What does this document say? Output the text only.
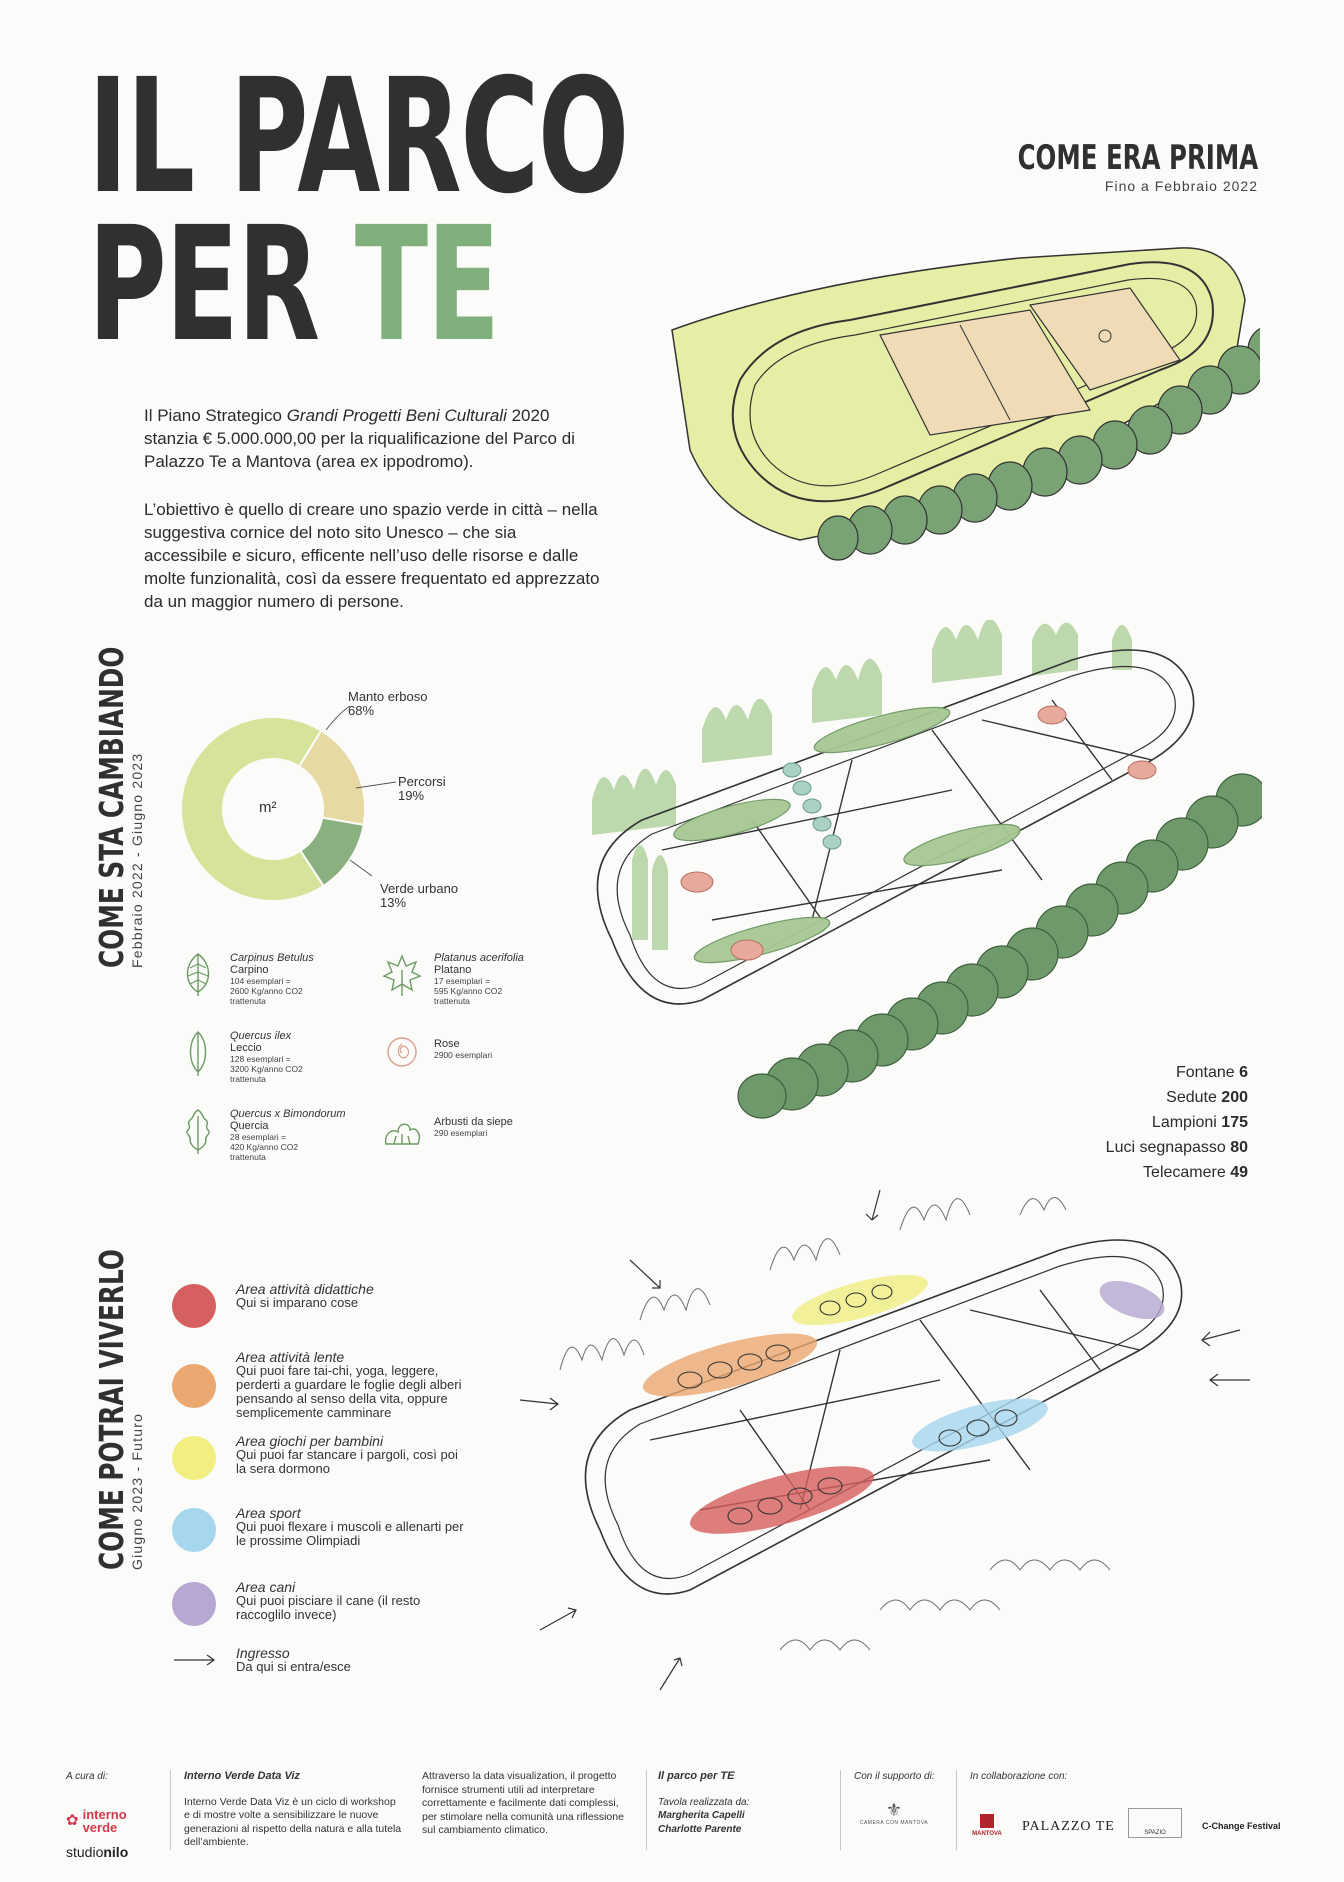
IL PARCO
PER TE
Il Piano Strategico Grandi Progetti Beni Culturali 2020 stanzia € 5.000.000,00 per la riqualificazione del Parco di Palazzo Te a Mantova (area ex ippodromo).
L’obiettivo è quello di creare uno spazio verde in città – nella suggestiva cornice del noto sito Unesco – che sia accessibile e sicuro, efficente nell’uso delle risorse e dalle molte funzionalità, così da essere frequentato ed apprezzato da un maggior numero di persone.
COME ERA PRIMA
Fino a Febbraio 2022
COME STA CAMBIANDO
Febbraio 2022 - Giugno 2023	m²
Manto erboso
68%
Percorsi
19%
Verde urbano
13%
Carpinus Betulus
Carpino
104 esemplari =
2600 Kg/anno CO2
trattenuta
Platanus acerifolia
Platano
17 esemplari =
595 Kg/anno CO2
trattenuta
Quercus ilex
Leccio
128 esemplari =
3200 Kg/anno CO2
trattenuta
Rose
2900 esemplari
Quercus x Bimondorum
Quercia
28 esemplari =
420 Kg/anno CO2
trattenuta
Arbusti da siepe
290 esemplari
Fontane 6
Sedute 200
Lampioni 175
Luci segnapasso 80
Telecamere 49
COME POTRAI VIVERLO
Giugno 2023 - Futuro
Area attività didattiche
Qui si imparano cose
Area attività lente
Qui puoi fare tai-chi, yoga, leggere, perderti a guardare le foglie degli alberi pensando al senso della vita, oppure semplicemente camminare
Area giochi per bambini
Qui puoi far stancare i pargoli, così poi la sera dormono
Area sport
Qui puoi flexare i muscoli e allenarti per le prossime Olimpiadi
Area cani
Qui puoi pisciare il cane (il resto raccoglilo invece)
Ingresso
Da qui si entra/esce
A cura di:
✿ interno
verde
studionilo
Interno Verde Data Viz
Interno Verde Data Viz è un ciclo di workshop e di mostre volte a sensibilizzare le nuove generazioni al rispetto della natura e alla tutela dell’ambiente.
Attraverso la data visualization, il progetto fornisce strumenti utili ad interpretare correttamente e facilmente dati complessi, per stimolare nella comunità una riflessione sul cambiamento climatico.
Il parco per TE
Tavola realizzata da:
Margherita Capelli
Charlotte Parente
Con il supporto di:
⚜
CAMERA CON MANTOVA
In collaborazione con:
MANTOVA PALAZZO TE	SPAZIO
C-Change Festival
